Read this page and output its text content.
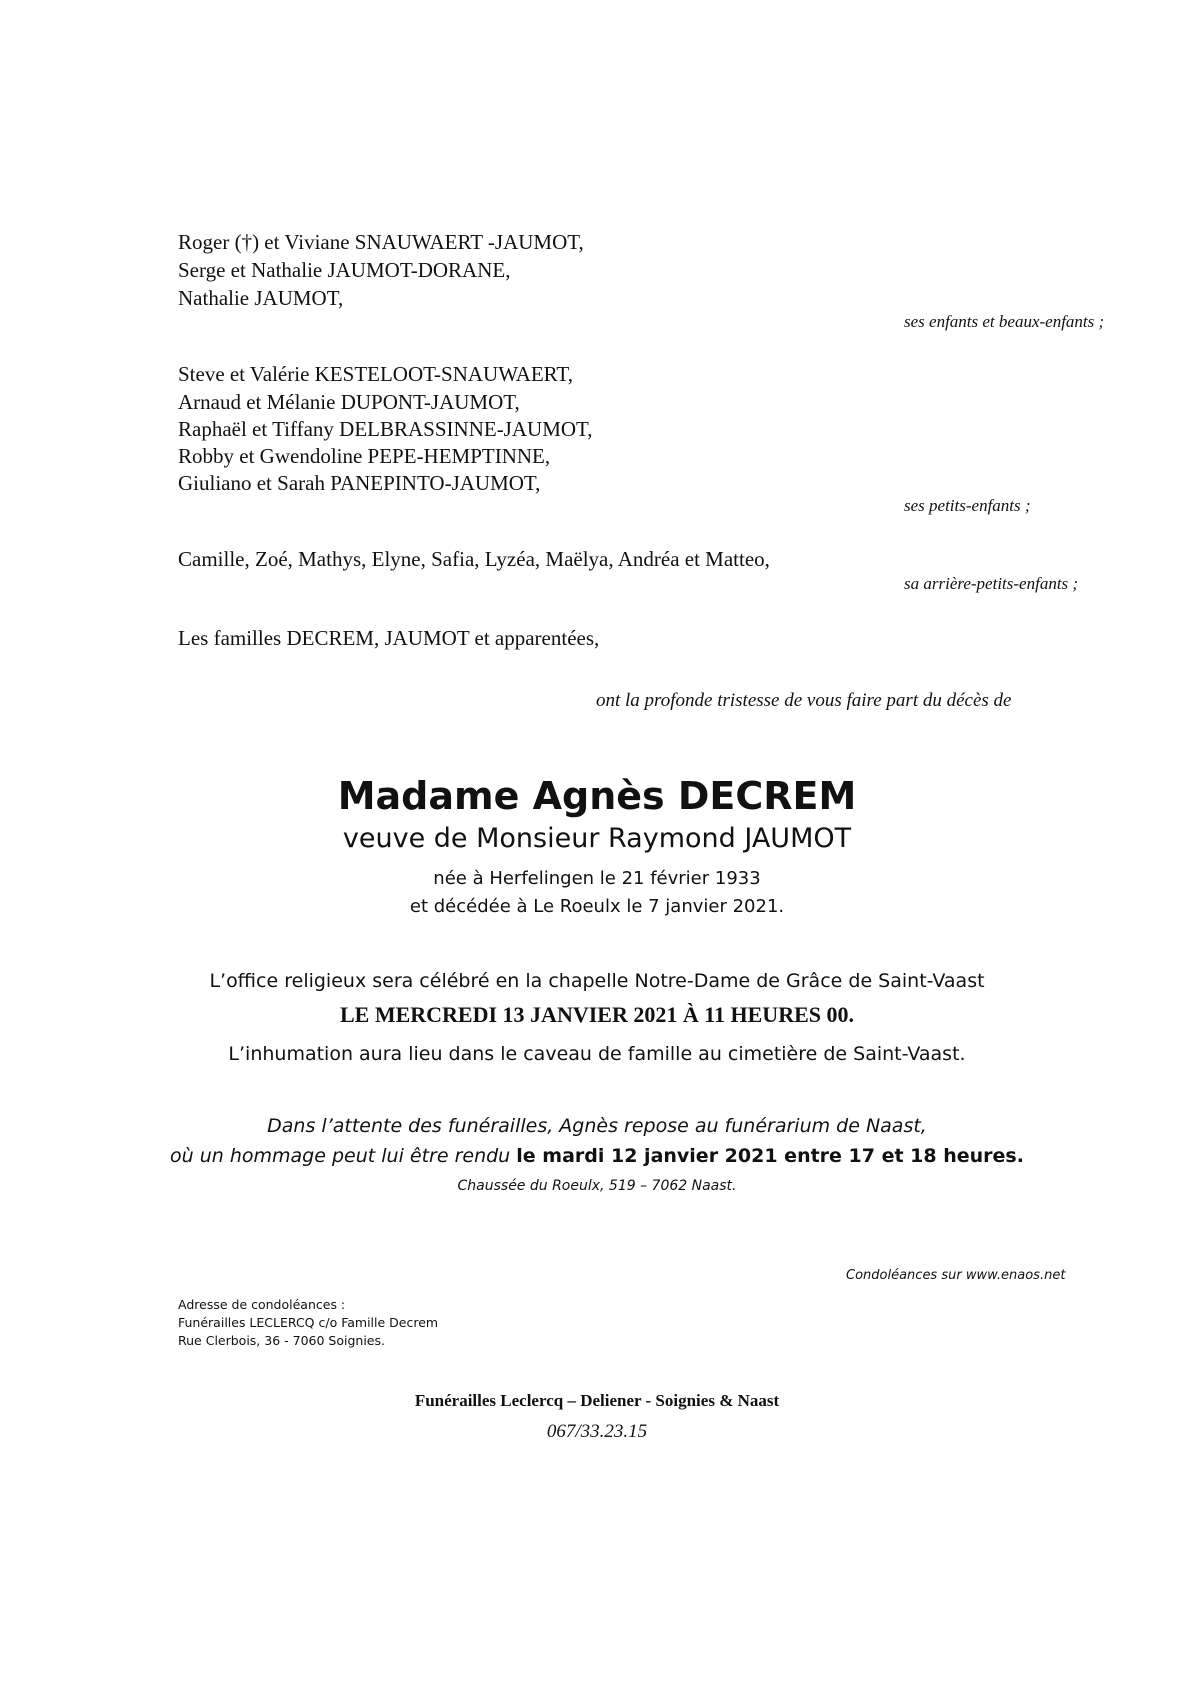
Roger (†) et Viviane SNAUWAERT -JAUMOT,
Serge et Nathalie JAUMOT-DORANE,
Nathalie JAUMOT,
ses enfants et beaux-enfants ;
Steve et Valérie KESTELOOT-SNAUWAERT,
Arnaud et Mélanie DUPONT-JAUMOT,
Raphaël et Tiffany DELBRASSINNE-JAUMOT,
Robby et Gwendoline PEPE-HEMPTINNE,
Giuliano et Sarah PANEPINTO-JAUMOT,
ses petits-enfants ;
Camille, Zoé, Mathys, Elyne, Safia, Lyzéa, Maëlya, Andréa et Matteo,
sa arrière-petits-enfants ;
Les familles DECREM, JAUMOT et apparentées,
ont la profonde tristesse de vous faire part du décès de
Madame Agnès DECREM
veuve de Monsieur Raymond JAUMOT
née à Herfelingen le 21 février 1933
et décédée à Le Roeulx le 7 janvier 2021.
L’office religieux sera célébré en la chapelle Notre-Dame de Grâce de Saint-Vaast
LE MERCREDI 13 JANVIER 2021 À 11 HEURES 00.
L’inhumation aura lieu dans le caveau de famille au cimetière de Saint-Vaast.
Dans l’attente des funérailles, Agnès repose au funérarium de Naast,
où un hommage peut lui être rendu le mardi 12 janvier 2021 entre 17 et 18 heures.
Chaussée du Roeulx, 519 – 7062 Naast.
Condoléances sur www.enaos.net
Adresse de condoléances :
Funérailles LECLERCQ c/o Famille Decrem
Rue Clerbois, 36 - 7060 Soignies.
Funérailles Leclercq – Deliener - Soignies & Naast
067/33.23.15
